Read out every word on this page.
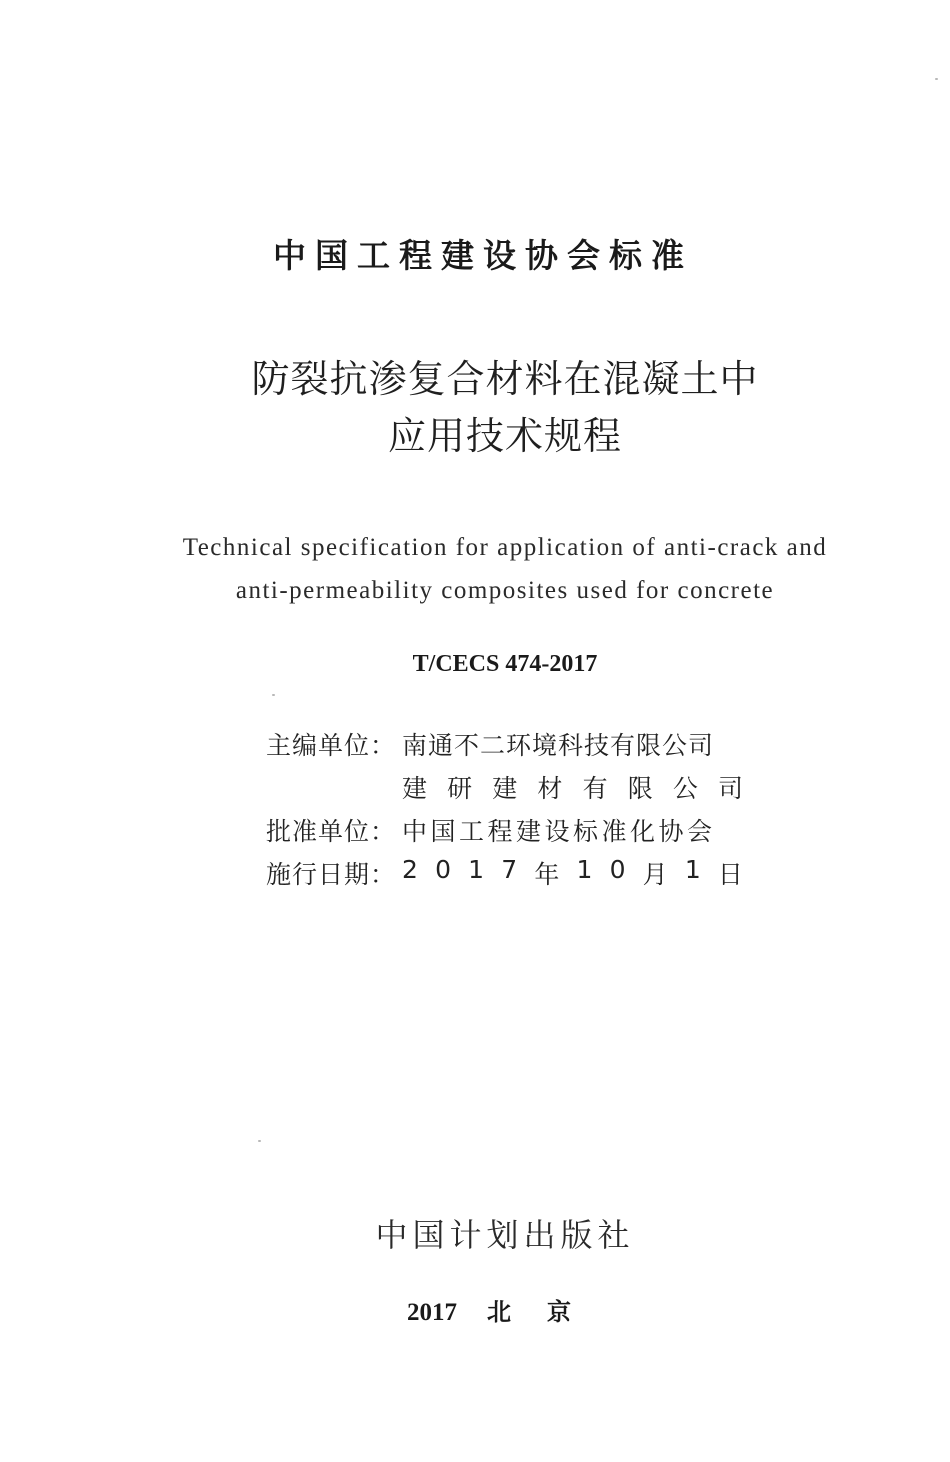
中国工程建设协会标准
防裂抗渗复合材料在混凝土中
应用技术规程
Technical specification for application of anti-crack and
anti-permeability composites used for concrete
T/CECS 474-2017
主编单位： 南通不二环境科技有限公司
建 研 建 材 有 限 公 司
批准单位： 中国工程建设标准化协会
施行日期： 2 0 1 7 年 1 0 月 1 日
中国计划出版社
2017 北京
